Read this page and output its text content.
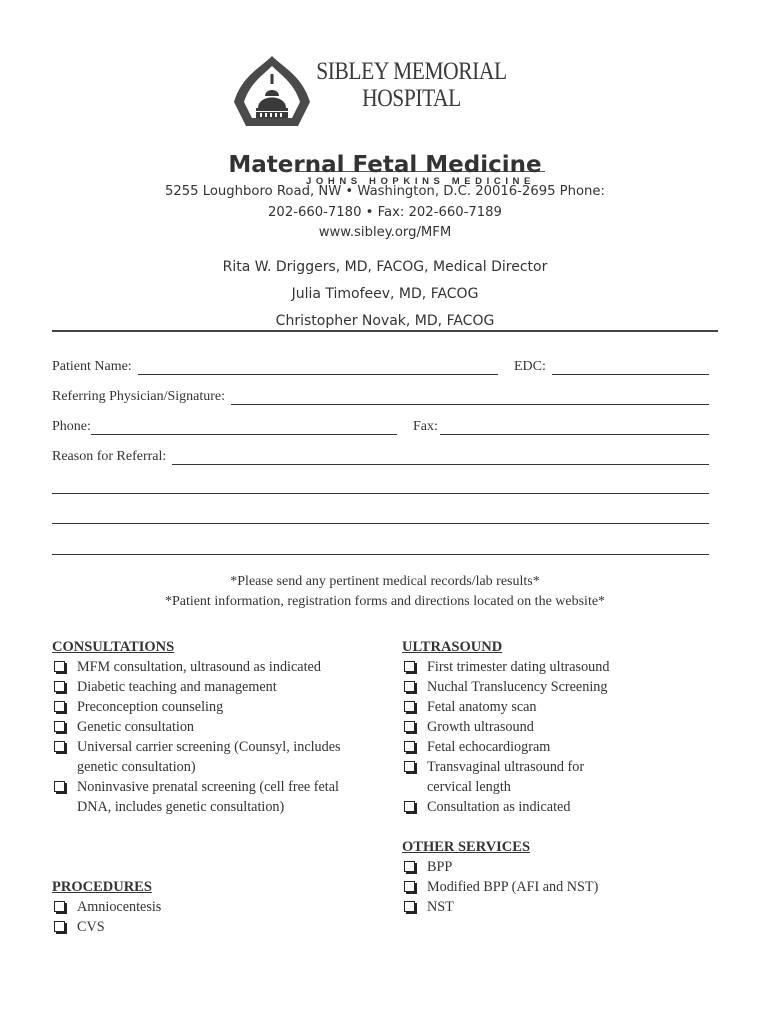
SIBLEY MEMORIAL
HOSPITAL
JOHNS HOPKINS MEDICINE
Maternal Fetal Medicine
5255 Loughboro Road, NW • Washington, D.C. 20016-2695 Phone:
202-660-7180 • Fax: 202-660-7189
www.sibley.org/MFM
Rita W. Driggers, MD, FACOG, Medical Director
Julia Timofeev, MD, FACOG
Christopher Novak, MD, FACOG
Patient Name:	EDC:
Referring Physician/Signature:
Phone:	Fax:
Reason for Referral:
*Please send any pertinent medical records/lab results*
*Patient information, registration forms and directions located on the website*
CONSULTATIONS
MFM consultation, ultrasound as indicated
Diabetic teaching and management
Preconception counseling
Genetic consultation
Universal carrier screening (Counsyl, includes genetic consultation)
Noninvasive prenatal screening (cell free fetal DNA, includes genetic consultation)
PROCEDURES
Amniocentesis
CVS
ULTRASOUND
First trimester dating ultrasound
Nuchal Translucency Screening
Fetal anatomy scan
Growth ultrasound
Fetal echocardiogram
Transvaginal ultrasound for cervical length
Consultation as indicated
OTHER SERVICES
BPP
Modified BPP (AFI and NST)
NST
